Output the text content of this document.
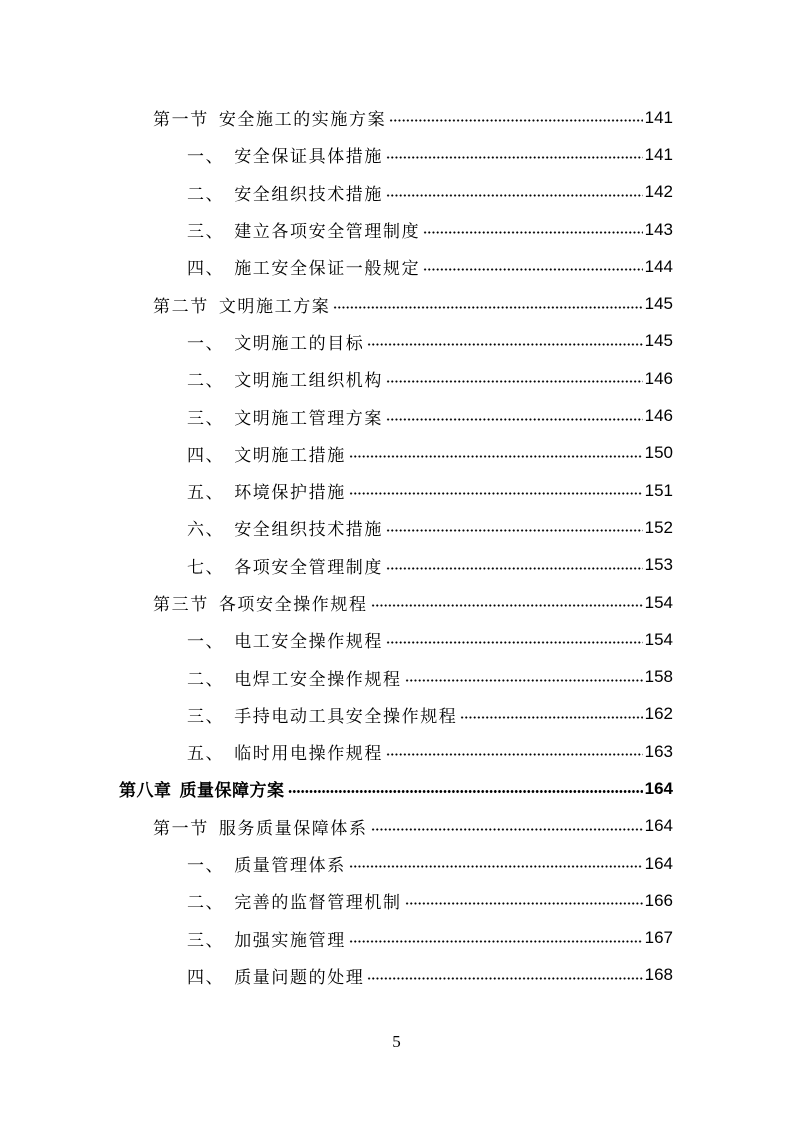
第一节 安全施工的实施方案	141
一、 安全保证具体措施	141
二、 安全组织技术措施	142
三、 建立各项安全管理制度	143
四、 施工安全保证一般规定	144
第二节 文明施工方案	145
一、 文明施工的目标	145
二、 文明施工组织机构	146
三、 文明施工管理方案	146
四、 文明施工措施	150
五、 环境保护措施	151
六、 安全组织技术措施	152
七、 各项安全管理制度	153
第三节 各项安全操作规程	154
一、 电工安全操作规程	154
二、 电焊工安全操作规程	158
三、 手持电动工具安全操作规程	162
五、 临时用电操作规程	163
第八章 质量保障方案	164
第一节 服务质量保障体系	164
一、 质量管理体系	164
二、 完善的监督管理机制	166
三、 加强实施管理	167
四、 质量问题的处理	168
5
